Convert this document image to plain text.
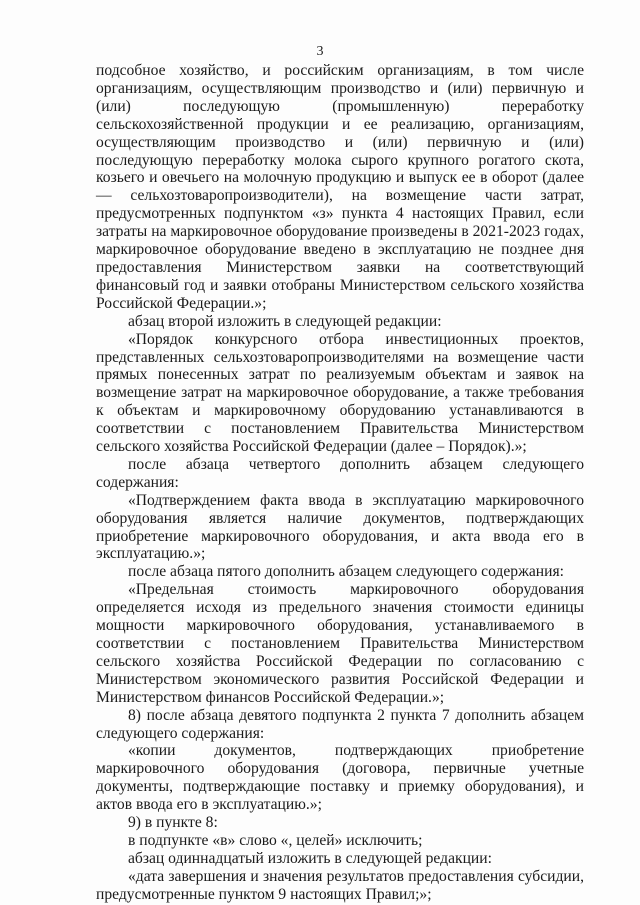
3

подсобное хозяйство, и российским организациям, в том числе организациям, осуществляющим производство и (или) первичную и (или) последующую (промышленную) переработку сельскохозяйственной продукции и ее реализацию, организациям, осуществляющим производство и (или) первичную и (или) последующую переработку молока сырого крупного рогатого скота, козьего и овечьего на молочную продукцию и выпуск ее в оборот (далее — сельхозтоваропроизводители), на возмещение части затрат, предусмотренных подпунктом «з» пункта 4 настоящих Правил, если затраты на маркировочное оборудование произведены в 2021-2023 годах, маркировочное оборудование введено в эксплуатацию не позднее дня предоставления Министерством заявки на соответствующий финансовый год и заявки отобраны Министерством сельского хозяйства Российской Федерации.»;

абзац второй изложить в следующей редакции:

«Порядок конкурсного отбора инвестиционных проектов, представленных сельхозтоваропроизводителями на возмещение части прямых понесенных затрат по реализуемым объектам и заявок на возмещение затрат на маркировочное оборудование, а также требования к объектам и маркировочному оборудованию устанавливаются в соответствии с постановлением Правительства Министерством сельского хозяйства Российской Федерации (далее – Порядок).»;

после абзаца четвертого дополнить абзацем следующего содержания:

«Подтверждением факта ввода в эксплуатацию маркировочного оборудования является наличие документов, подтверждающих приобретение маркировочного оборудования, и акта ввода его в эксплуатацию.»;

после абзаца пятого дополнить абзацем следующего содержания:

«Предельная стоимость маркировочного оборудования определяется исходя из предельного значения стоимости единицы мощности маркировочного оборудования, устанавливаемого в соответствии с постановлением Правительства Министерством сельского хозяйства Российской Федерации по согласованию с Министерством экономического развития Российской Федерации и Министерством финансов Российской Федерации.»;

8) после абзаца девятого подпункта 2 пункта 7 дополнить абзацем следующего содержания:

«копии документов, подтверждающих приобретение маркировочного оборудования (договора, первичные учетные документы, подтверждающие поставку и приемку оборудования), и актов ввода его в эксплуатацию.»;

9) в пункте 8:

в подпункте «в» слово «, целей» исключить;

абзац одиннадцатый изложить в следующей редакции:

«дата завершения и значения результатов предоставления субсидии, предусмотренные пунктом 9 настоящих Правил;»;
